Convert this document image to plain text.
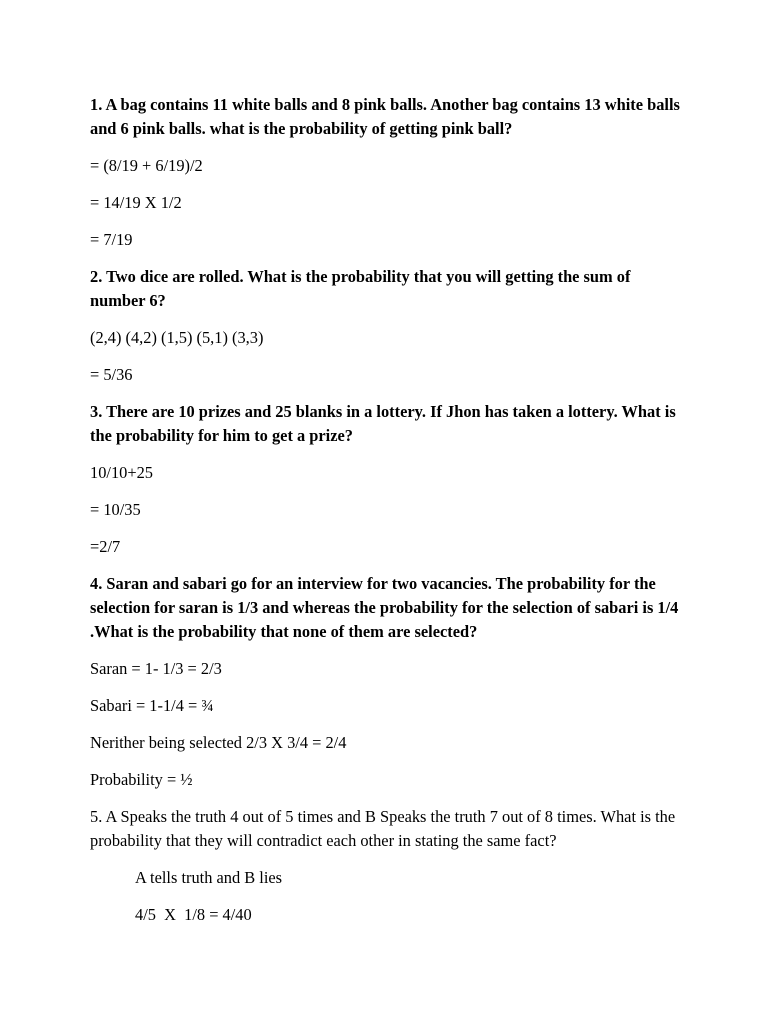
1. A bag contains 11 white balls and 8 pink balls. Another bag contains 13 white balls and 6 pink balls. what is the probability of getting pink ball?

= (8/19 + 6/19)/2

= 14/19 X 1/2

= 7/19

2. Two dice are rolled. What is the probability that you will getting the sum of number 6?

(2,4) (4,2) (1,5) (5,1) (3,3)

= 5/36

3. There are 10 prizes and 25 blanks in a lottery. If Jhon has taken a lottery. What is the probability for him to get a prize?

10/10+25

= 10/35

=2/7

4. Saran and sabari go for an interview for two vacancies. The probability for the selection for saran is 1/3 and whereas the probability for the selection of sabari is 1/4 .What is the probability that none of them are selected?

Saran = 1- 1/3 = 2/3

Sabari = 1-1/4 = ¾

Nerither being selected 2/3 X 3/4 = 2/4

Probability = ½

5. A Speaks the truth 4 out of 5 times and B Speaks the truth 7 out of 8 times. What is the probability that they will contradict each other in stating the same fact?

A tells truth and B lies

4/5  X  1/8 = 4/40
